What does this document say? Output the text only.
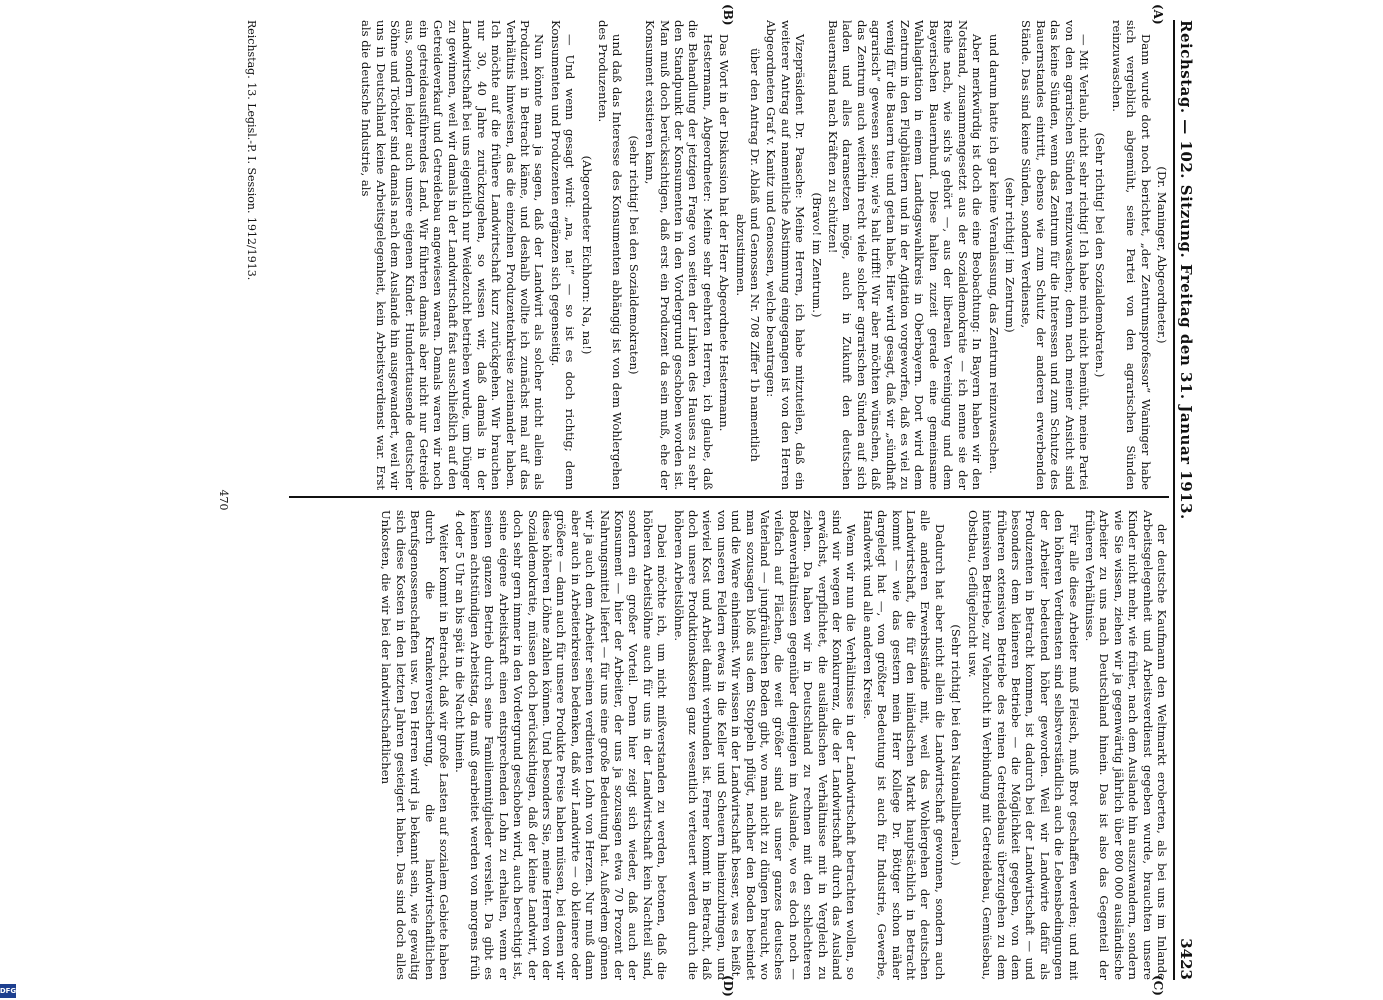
Reichstag. — 102. Sitzung. Freitag den 31. Januar 1913.
3423

(Dr. Maninger, Abgeordneter.)

Dann wurde dort noch berichtet, „der Zentrumsprofessor“ Waninger habe sich vergeblich abgemüht, seine Partei von den agrarischen Sünden reinzuwaschen.

(Sehr richtig! bei den Sozialdemokraten.)

— Mit Verlaub, nicht sehr richtig! Ich habe mich nicht bemüht, meine Partei von den agrarischen Sünden reinzuwaschen; denn nach meiner Ansicht sind das keine Sünden, wenn das Zentrum für die Interessen und zum Schutze des Bauernstandes eintritt, ebenso wie zum Schutz der anderen erwerbenden Stände. Das sind keine Sünden, sondern Verdienste,

(sehr richtig! im Zentrum)

und darum hatte ich gar keine Veranlassung, das Zentrum reinzuwaschen.

Aber merkwürdig ist doch die eine Beobachtung: In Bayern haben wir den Notstand, zusammengesetzt aus der Sozialdemokratie — ich nenne sie der Reihe nach, wie sich's gehört —, aus der liberalen Vereinigung und dem Bayerischen Bauernbund. Diese halten zuzeit gerade eine gemeinsame Wahlagitation in einem Landtagswahlkreis in Oberbayern. Dort wird dem Zentrum in den Flugblättern und in der Agitation vorgeworfen, daß es viel zu wenig für die Bauern tue und getan habe. Hier wird gesagt, daß wir „sündhaft agrarisch“ gewesen seien; wie's halt trifft! Wir aber möchten wünschen, daß das Zentrum auch weiterhin recht viele solcher agrarischen Sünden auf sich laden und alles daransetzen möge, auch in Zukunft den deutschen Bauernstand nach Kräften zu schützen!

(Bravo! im Zentrum.)

Vizepräsident Dr. Paasche: Meine Herren, ich habe mitzuteilen, daß ein weiterer Antrag auf namentliche Abstimmung eingegangen ist von den Herren Abgeordneten Graf v. Kanitz und Genossen, welche beantragen:

über den Antrag Dr. Ablaß und Genossen Nr. 708 Ziffer 1b namentlich abzustimmen.

Das Wort in der Diskussion hat der Herr Abgeordnete Hestermann.

Hestermann, Abgeordneter: Meine sehr geehrten Herren, ich glaube, daß die Behandlung der jetzigen Frage von seiten der Linken des Hauses zu sehr den Standpunkt der Konsumenten in den Vordergrund geschoben worden ist. Man muß doch berücksichtigen, daß erst ein Produzent da sein muß, ehe der Konsument existieren kann,

(sehr richtig! bei den Sozialdemokraten)

und daß das Interesse des Konsumenten abhängig ist von dem Wohlergehen des Produzenten.

(Abgeordneter Eichhorn: Na, na!)

— Und wenn gesagt wird: „na, na!“ — so ist es doch richtig; denn Konsumenten und Produzenten ergänzen sich gegenseitig.

Nun könnte man ja sagen, daß der Landwirt als solcher nicht allein als Produzent in Betracht käme, und deshalb wollte ich zunächst mal auf das Verhältnis hinweisen, das die einzelnen Produzentenkreise zueinander haben. Ich möchte auf die frühere Landwirtschaft kurz zurückgehen. Wir brauchen nur 30, 40 Jahre zurückzugehen, so wissen wir, daß damals in der Landwirtschaft bei uns eigentlich nur Weidezucht betrieben wurde, um Dünger zu gewinnen, weil wir damals in der Landwirtschaft fast ausschließlich auf den Getreideverkauf und Getreidebau angewiesen waren. Damals waren wir noch ein getreideausführendes Land. Wir führten damals aber nicht nur Getreide aus, sondern leider auch unsere eigenen Kinder. Hunderttausende deutscher Söhne und Töchter sind damals nach dem Auslande hin ausgewandert, weil wir uns in Deutschland keine Arbeitsgelegenheit, kein Arbeitsverdienst war. Erst als die deutsche Industrie, als

der deutsche Kaufmann den Weltmarkt eroberten, als bei uns im Inlande Arbeitsgelegenheit und Arbeitsverdienst gegeben wurde, brauchten unsere Kinder nicht mehr, wie früher, nach dem Auslande hin auszuwandern, sondern wie Sie wissen, ziehen wir ja gegenwärtig jährlich über 800 000 ausländische Arbeiter zu uns nach Deutschland hinein. Das ist also das Gegenteil der früheren Verhältnisse.

Für alle diese Arbeiter muß Fleisch, muß Brot geschaffen werden; und mit den höheren Verdiensten sind selbstverständlich auch die Lebensbedingungen der Arbeiter bedeutend höher geworden. Weil wir Landwirte dafür als Produzenten in Betracht kommen, ist dadurch bei der Landwirtschaft — und besonders dem kleineren Betriebe — die Möglichkeit gegeben, von dem früheren extensiven Betriebe des reinen Getreidebaus überzugehen zu dem intensiven Betriebe, zur Viehzucht in Verbindung mit Getreidebau, Gemüsebau, Obstbau, Geflügelzucht usw.

(Sehr richtig! bei den Nationalliberalen.)

Dadurch hat aber nicht allein die Landwirtschaft gewonnen, sondern auch alle anderen Erwerbsstände mit, weil das Wohlergehen der deutschen Landwirtschaft, die für den inländischen Markt hauptsächlich in Betracht kommt — wie das gestern mein Herr Kollege Dr. Böttger schon näher dargelegt hat —, von größter Bedeutung ist auch für Industrie, Gewerbe, Handwerk und alle anderen Kreise.

Wenn wir nun die Verhältnisse in der Landwirtschaft betrachten wollen, so sind wir wegen der Konkurrenz, die der Landwirtschaft durch das Ausland erwächst, verpflichtet, die ausländischen Verhältnisse mit in Vergleich zu ziehen. Da haben wir in Deutschland zu rechnen mit den schlechteren Bodenverhältnissen gegenüber denjenigen im Auslande, wo es doch noch — vielfach auf Flächen, die weit größer sind als unser ganzes deutsches Vaterland — jungfräulichen Boden gibt, wo man nicht zu düngen braucht, wo man sozusagen bloß aus dem Stoppeln pflügt, nachher den Boden beeindet und die Ware einheimst. Wir wissen in der Landwirtschaft besser, was es heißt, von unseren Feldern etwas in die Keller und Scheuern hineinzubringen, und wieviel Kost und Arbeit damit verbunden ist. Ferner kommt in Betracht, daß doch unsere Produktionskosten ganz wesentlich verteuert werden durch die höheren Arbeitslöhne.

Dabei möchte ich, um nicht mißverstanden zu werden, betonen, daß die höheren Arbeitslöhne auch für uns in der Landwirtschaft kein Nachteil sind, sondern ein großer Vorteil. Denn hier zeigt sich wieder, daß auch der Konsument — hier der Arbeiter, der uns ja sozusagen etwa 70 Prozent der Nahrungsmittel liefert — für uns eine große Bedeutung hat. Außerdem gönnen wir ja auch dem Arbeiter seinen verdienten Lohn von Herzen. Nur muß dann aber auch in Arbeiterkreisen bedenken, daß wir Landwirte — ob kleinere oder größere — dann auch für unsere Produkte Preise haben müssen, bei denen wir diese höheren Löhne zahlen können. Und besonders Sie, meine Herren von der Sozialdemokratie, müssen doch berücksichtigen, daß der kleine Landwirt, der doch sehr gern immer in den Vordergrund geschoben wird, auch berechtigt ist, seine eigene Arbeitskraft einen entsprechenden Lohn zu erhalten, wenn er seinen ganzen Betrieb durch seine Familienmitglieder versieht. Da gibt es keinen achtstündigen Arbeitstag, da muß gearbeitet werden von morgens früh 4 oder 5 Uhr an bis spät in die Nacht hinein.

Weiter kommt in Betracht, daß wir große Lasten auf sozialem Gebiete haben durch die Krankenversicherung, die landwirtschaftlichen Berufsgenossenschaften usw. Den Herren wird ja bekannt sein, wie gewaltig sich diese Kosten in den letzten Jahren gesteigert haben. Das sind doch alles Unkosten, die wir bei der landwirtschaftlichen

(A)
(B)
(C)
(D)
Reichstag. 13. Legisl.-P. I. Session. 1912/1913.
470
DFG
